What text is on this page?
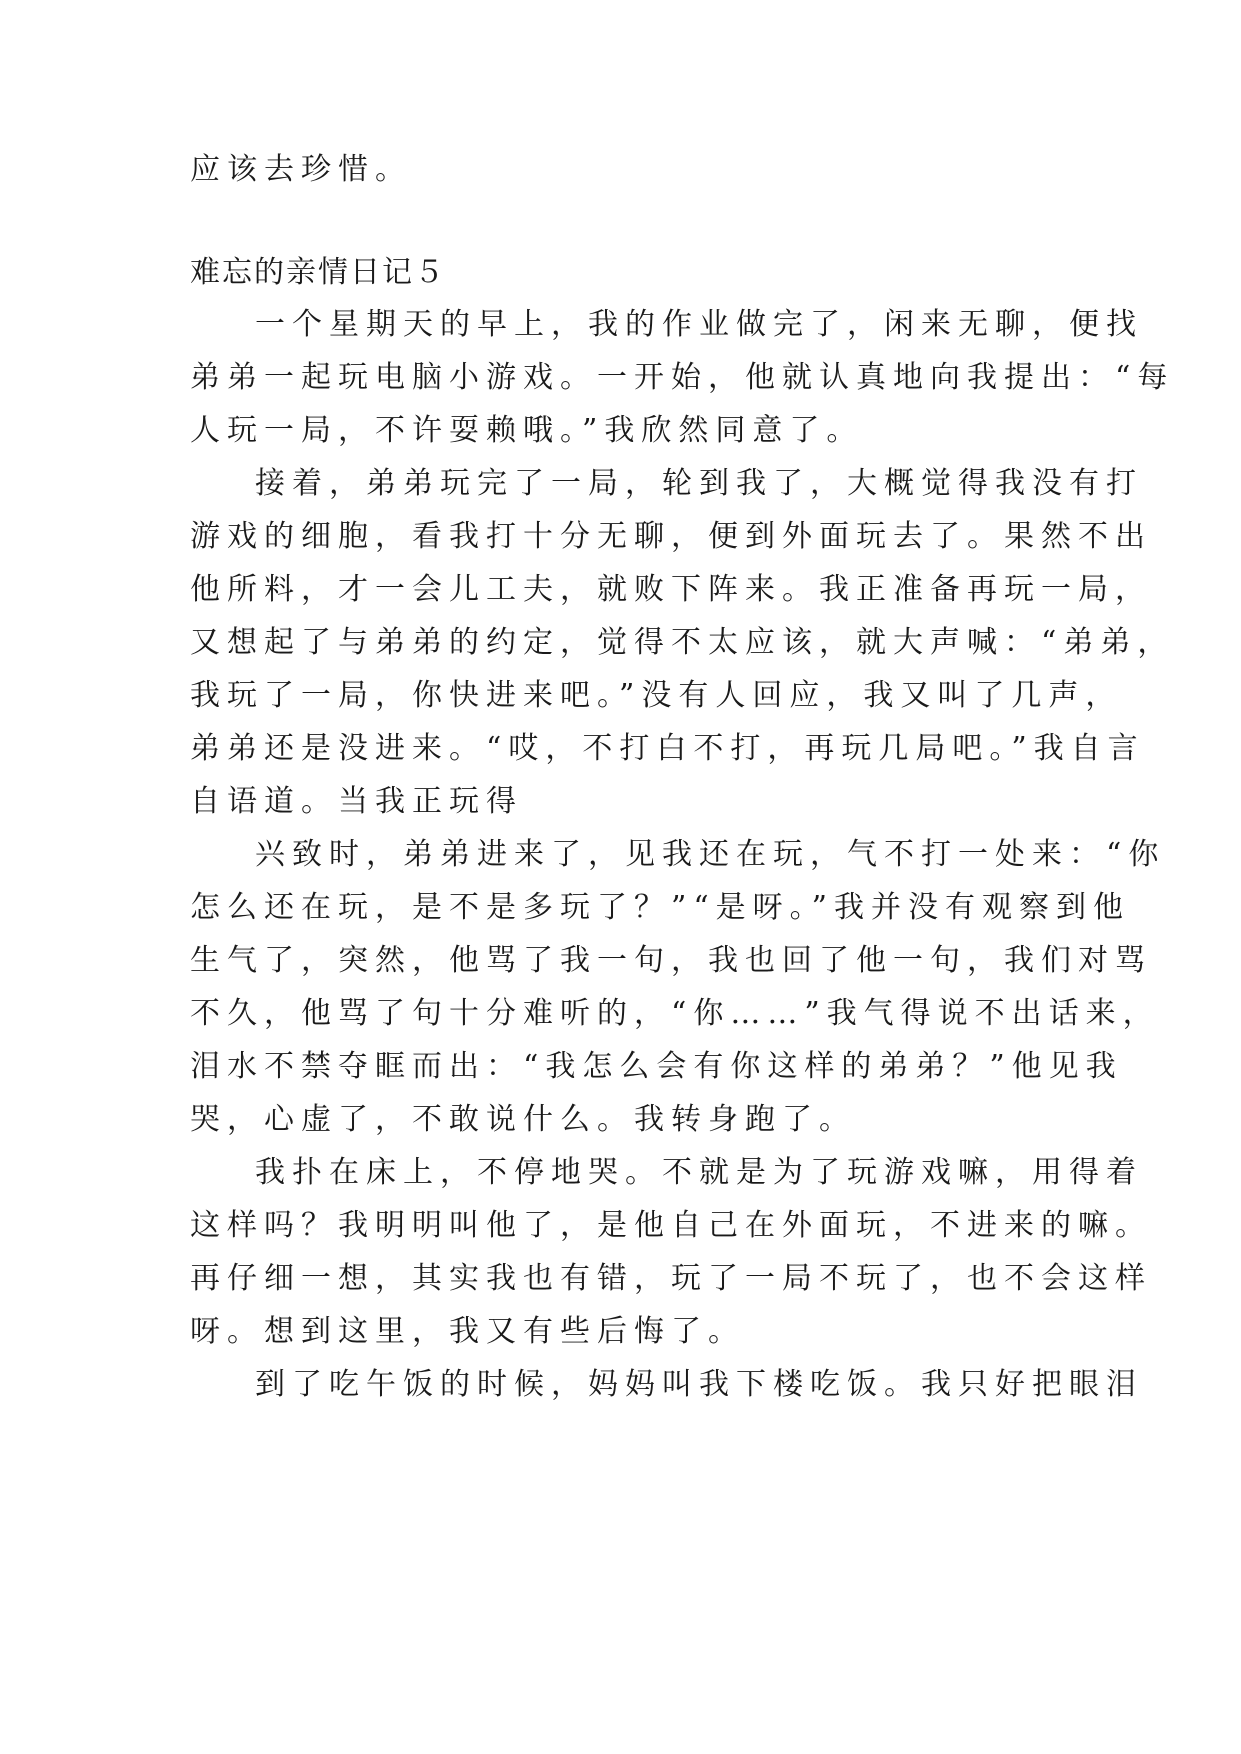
应该去珍惜。
难忘的亲情日记５
一个星期天的早上，我的作业做完了，闲来无聊，便找
弟弟一起玩电脑小游戏。一开始，他就认真地向我提出：“每
人玩一局，不许耍赖哦。”我欣然同意了。
接着，弟弟玩完了一局，轮到我了，大概觉得我没有打
游戏的细胞，看我打十分无聊，便到外面玩去了。果然不出
他所料，才一会儿工夫，就败下阵来。我正准备再玩一局，
又想起了与弟弟的约定，觉得不太应该，就大声喊：“弟弟，
我玩了一局，你快进来吧。”没有人回应，我又叫了几声，
弟弟还是没进来。“哎，不打白不打，再玩几局吧。”我自言
自语道。当我正玩得
兴致时，弟弟进来了，见我还在玩，气不打一处来：“你
怎么还在玩，是不是多玩了？”“是呀。”我并没有观察到他
生气了，突然，他骂了我一句，我也回了他一句，我们对骂
不久，他骂了句十分难听的，“你……”我气得说不出话来，
泪水不禁夺眶而出：“我怎么会有你这样的弟弟？”他见我
哭，心虚了，不敢说什么。我转身跑了。
我扑在床上，不停地哭。不就是为了玩游戏嘛，用得着
这样吗？我明明叫他了，是他自己在外面玩，不进来的嘛。
再仔细一想，其实我也有错，玩了一局不玩了，也不会这样
呀。想到这里，我又有些后悔了。
到了吃午饭的时候，妈妈叫我下楼吃饭。我只好把眼泪
